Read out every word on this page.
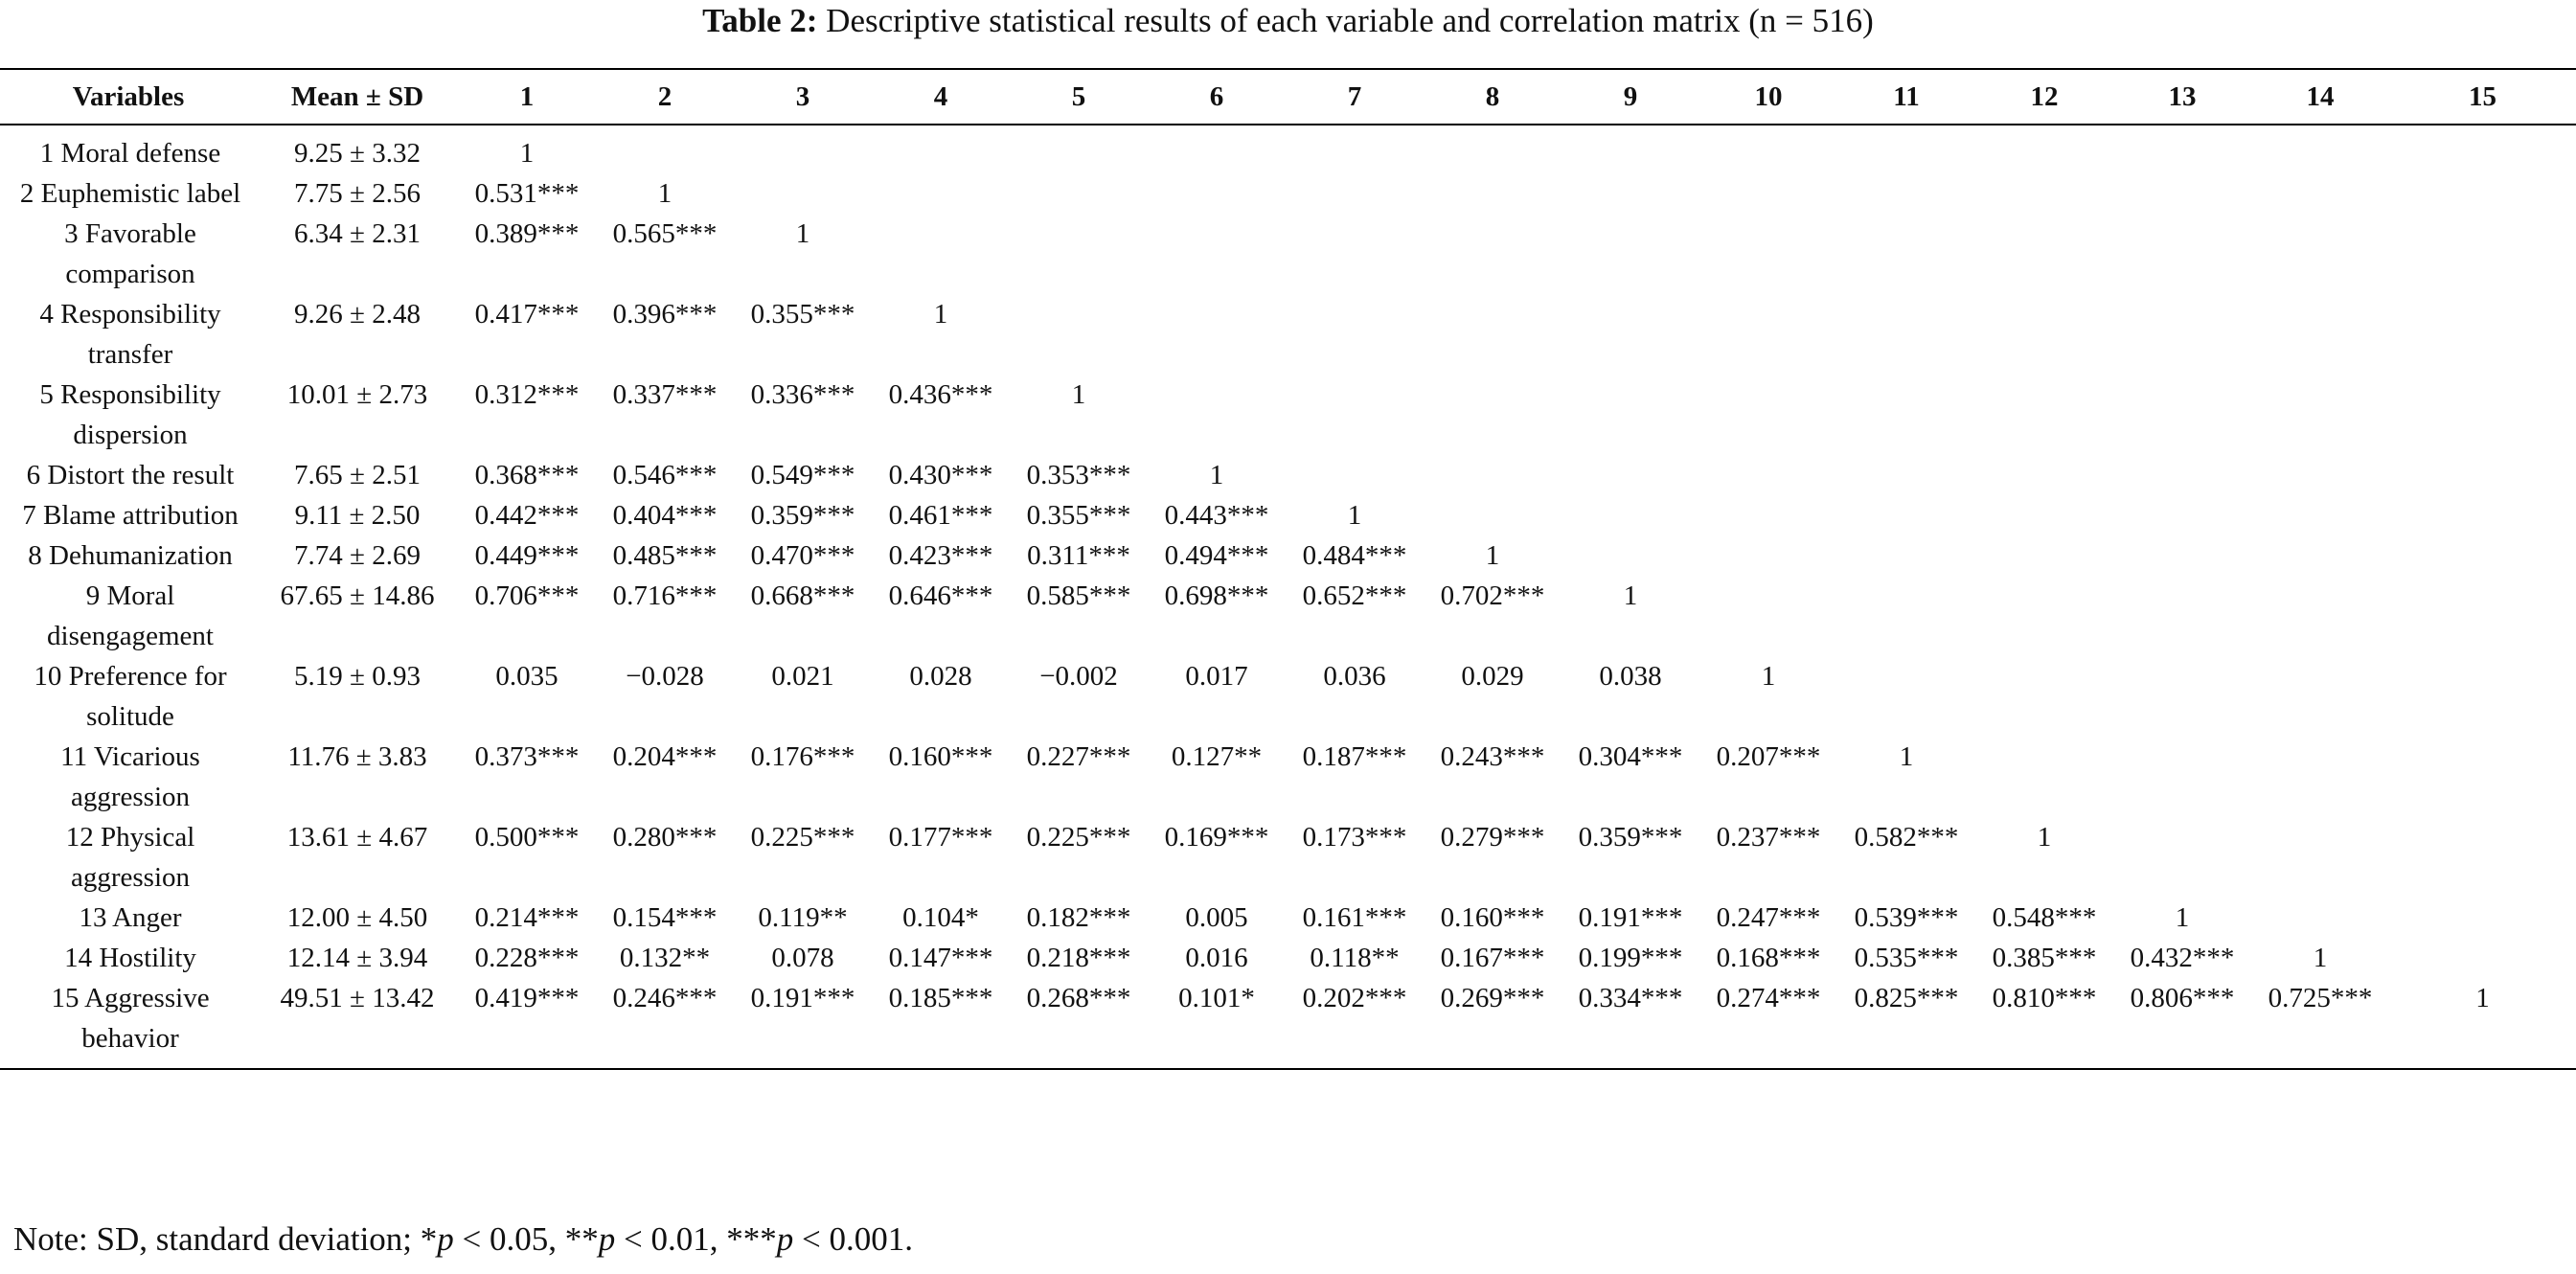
Table 2: Descriptive statistical results of each variable and correlation matrix (n = 516)
Variables	Mean ± SD	1	2	3	4	5	6	7	8	9	10	11	12	13	14	15
1 Moral defense	9.25 ± 3.32	1														
2 Euphemistic label	7.75 ± 2.56	0.531***	1													
3 Favorable comparison	6.34 ± 2.31	0.389***	0.565***	1												
4 Responsibility transfer	9.26 ± 2.48	0.417***	0.396***	0.355***	1											
5 Responsibility dispersion	10.01 ± 2.73	0.312***	0.337***	0.336***	0.436***	1										
6 Distort the result	7.65 ± 2.51	0.368***	0.546***	0.549***	0.430***	0.353***	1									
7 Blame attribution	9.11 ± 2.50	0.442***	0.404***	0.359***	0.461***	0.355***	0.443***	1								
8 Dehumanization	7.74 ± 2.69	0.449***	0.485***	0.470***	0.423***	0.311***	0.494***	0.484***	1							
9 Moral disengagement	67.65 ± 14.86	0.706***	0.716***	0.668***	0.646***	0.585***	0.698***	0.652***	0.702***	1						
10 Preference for solitude	5.19 ± 0.93	0.035	−0.028	0.021	0.028	−0.002	0.017	0.036	0.029	0.038	1					
11 Vicarious aggression	11.76 ± 3.83	0.373***	0.204***	0.176***	0.160***	0.227***	0.127**	0.187***	0.243***	0.304***	0.207***	1				
12 Physical aggression	13.61 ± 4.67	0.500***	0.280***	0.225***	0.177***	0.225***	0.169***	0.173***	0.279***	0.359***	0.237***	0.582***	1			
13 Anger	12.00 ± 4.50	0.214***	0.154***	0.119**	0.104*	0.182***	0.005	0.161***	0.160***	0.191***	0.247***	0.539***	0.548***	1		
14 Hostility	12.14 ± 3.94	0.228***	0.132**	0.078	0.147***	0.218***	0.016	0.118**	0.167***	0.199***	0.168***	0.535***	0.385***	0.432***	1	
15 Aggressive behavior	49.51 ± 13.42	0.419***	0.246***	0.191***	0.185***	0.268***	0.101*	0.202***	0.269***	0.334***	0.274***	0.825***	0.810***	0.806***	0.725***	1
Note: SD, standard deviation; *p < 0.05, **p < 0.01, ***p < 0.001.
